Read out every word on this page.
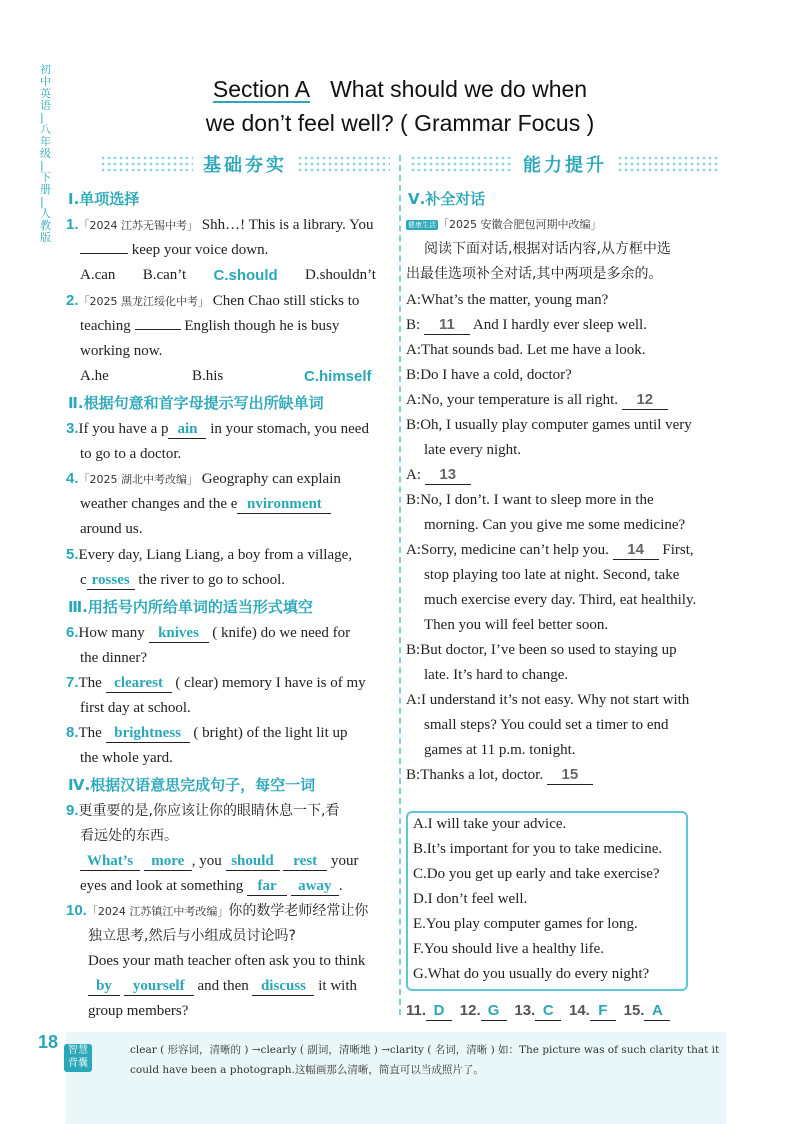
初
中
英
语
|
八
年
级
|
下
册
|
人
教
版
Section A What should we do when
we don’t feel well? ( Grammar Focus )
基础夯实	能力提升
Ⅰ.单项选择
1.「2024 江苏无锡中考」 Shh…! This is a library. You
keep your voice down.
A.can B.can’t C.should D.shouldn’t
2.「2025 黑龙江绥化中考」 Chen Chao still sticks to
teaching	English though he is busy
working now.
A.he	B.his	C.himself
Ⅱ.根据句意和首字母提示写出所缺单词
3.If you have a p ain in your stomach, you need
to go to a doctor.
4.「2025 湖北中考改编」 Geography can explain
weather changes and the e nvironment
around us.
5.Every day, Liang Liang, a boy from a village,
c rosses the river to go to school.
Ⅲ.用括号内所给单词的适当形式填空
6.How many knives ( knife) do we need for
the dinner?
7.The clearest ( clear) memory I have is of my
first day at school.
8.The brightness ( bright) of the light lit up
the whole yard.
Ⅳ.根据汉语意思完成句子，每空一词
9.更重要的是,你应该让你的眼睛休息一下,看
看远处的东西。
What’s more , you should rest your
eyes and look at something far away .
10.「2024 江苏镇江中考改编」你的数学老师经常让你
独立思考,然后与小组成员讨论吗?
Does your math teacher often ask you to think
by yourself and then discuss it with
group members?
Ⅴ.补全对话
健康生活 「2025 安徽合肥包河期中改编」
阅读下面对话,根据对话内容,从方框中选
出最佳选项补全对话,其中两项是多余的。
A:What’s the matter, young man?
B: 11 And I hardly ever sleep well.
A:That sounds bad. Let me have a look.
B:Do I have a cold, doctor?
A:No, your temperature is all right. 12
B:Oh, I usually play computer games until very
late every night.
A: 13
B:No, I don’t. I want to sleep more in the
morning. Can you give me some medicine?
A:Sorry, medicine can’t help you. 14 First,
stop playing too late at night. Second, take
much exercise every day. Third, eat healthily.
Then you will feel better soon.
B:But doctor, I’ve been so used to staying up
late. It’s hard to change.
A:I understand it’s not easy. Why not start with
small steps? You could set a timer to end
games at 11 p.m. tonight.
B:Thanks a lot, doctor. 15
A.I will take your advice.
B.It’s important for you to take medicine.
C.Do you get up early and take exercise?
D.I don’t feel well.
E.You play computer games for long.
F.You should live a healthy life.
G.What do you usually do every night?
11. D 12. G 13. C 14. F 15. A
18 智慧背囊
clear ( 形容词，清晰的 ) →clearly ( 副词，清晰地 ) →clarity ( 名词，清晰 ) 如：The picture was of such clarity that it
could have been a photograph.这幅画那么清晰，简直可以当成照片了。
